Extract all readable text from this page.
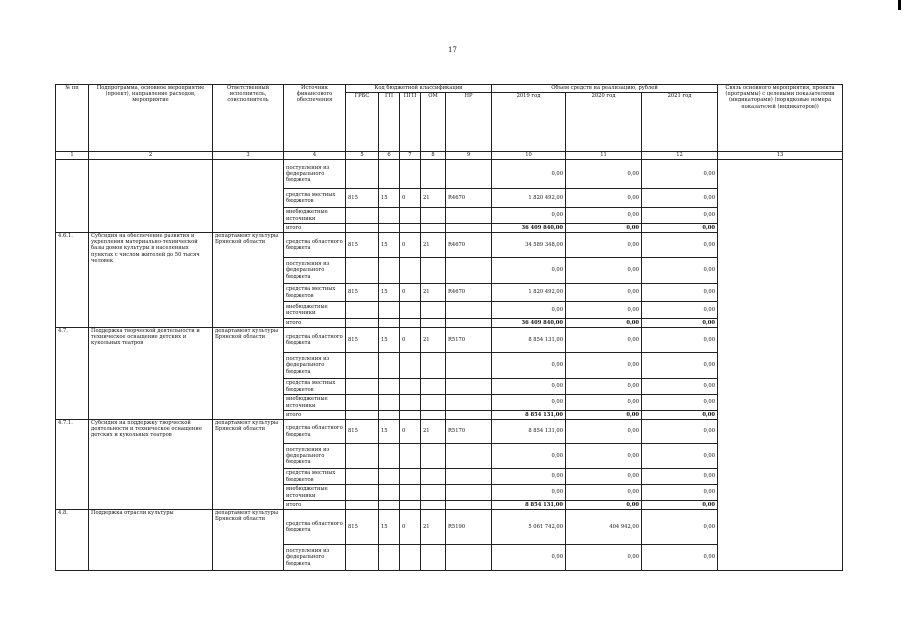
17
№ пп	Подпрограмма, основное мероприятие (проект), направление расходов, мероприятие	Ответственный исполнитель, соисполнитель	Источник финансового обеспечения	Код бюджетной классификации					Объем средств на реализацию, рублей			Связь основного мероприятия, проекта (программы) с целевыми показателями (индикаторами) (порядковые номера показателей (индикаторов))
				ГРБС	ГП	ПГП	ОМ	НР	2019 год	2020 год	2021 год	
1	2	3	4	5	6	7	8	9	10	11	12	13
			поступления из федерального бюджета						0,00	0,00	0,00	
			средства местных бюджетов	815	15	0	21	R4670	1 820 492,00	0,00	0,00	
			внебюджетные источники						0,00	0,00	0,00	
			итого						36 409 840,00	0,00	0,00	
4.6.1.	Субсидия на обеспечение развития и укрепления материально-технической базы домов культуры в населенных пунктах с числом жителей до 50 тысяч человек	департамент культуры Брянской области	средства областного бюджета	815	15	0	21	R4670	34 589 348,00	0,00	0,00	
			поступления из федерального бюджета						0,00	0,00	0,00	
			средства местных бюджетов	815	15	0	21	R4670	1 820 492,00	0,00	0,00	
			внебюджетные источники						0,00	0,00	0,00	
			итого						36 409 840,00	0,00	0,00	
4.7.	Поддержка творческой деятельности и техническое оснащение детских и кукольных театров	департамент культуры Брянской области	средства областного бюджета	815	15	0	21	R5170	8 854 131,00	0,00	0,00	
			поступления из федерального бюджета						0,00	0,00	0,00	
			средства местных бюджетов						0,00	0,00	0,00	
			внебюджетные источники						0,00	0,00	0,00	
			итого						8 854 131,00	0,00	0,00	
4.7.1.	Субсидия на поддержку творческой деятельности и техническое оснащение детских и кукольных театров	департамент культуры Брянской области	средства областного бюджета	815	15	0	21	R5170	8 854 131,00	0,00	0,00	
			поступления из федерального бюджета						0,00	0,00	0,00	
			средства местных бюджетов						0,00	0,00	0,00	
			внебюджетные источники						0,00	0,00	0,00	
			итого						8 854 131,00	0,00	0,00	
4.8.	Поддержка отрасли культуры	департамент культуры Брянской области	средства областного бюджета	815	15	0	21	R5190	5 061 742,00	404 942,00	0,00	
			поступления из федерального бюджета						0,00	0,00	0,00	
